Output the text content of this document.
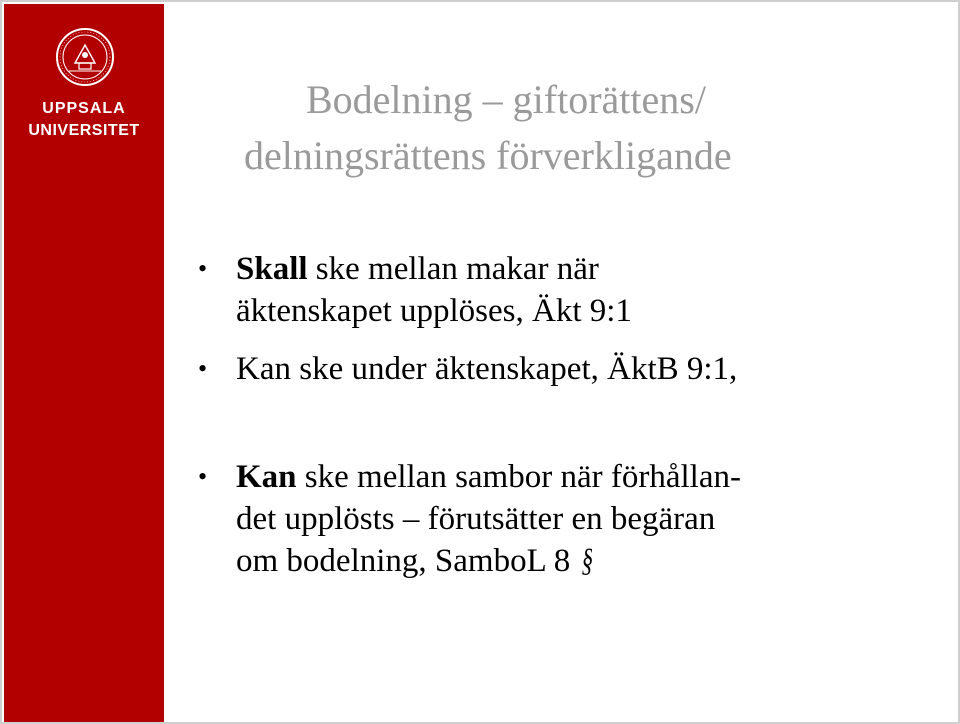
UPPSALA
UNIVERSITET
Bodelning – giftorättens/
delningsrättens förverkligande
• Skall ske mellan makar när
äktenskapet upplöses, Äkt 9:1
• Kan ske under äktenskapet, ÄktB 9:1,
• Kan ske mellan sambor när förhållan-
det upplösts – förutsätter en begäran
om bodelning, SamboL 8 §
